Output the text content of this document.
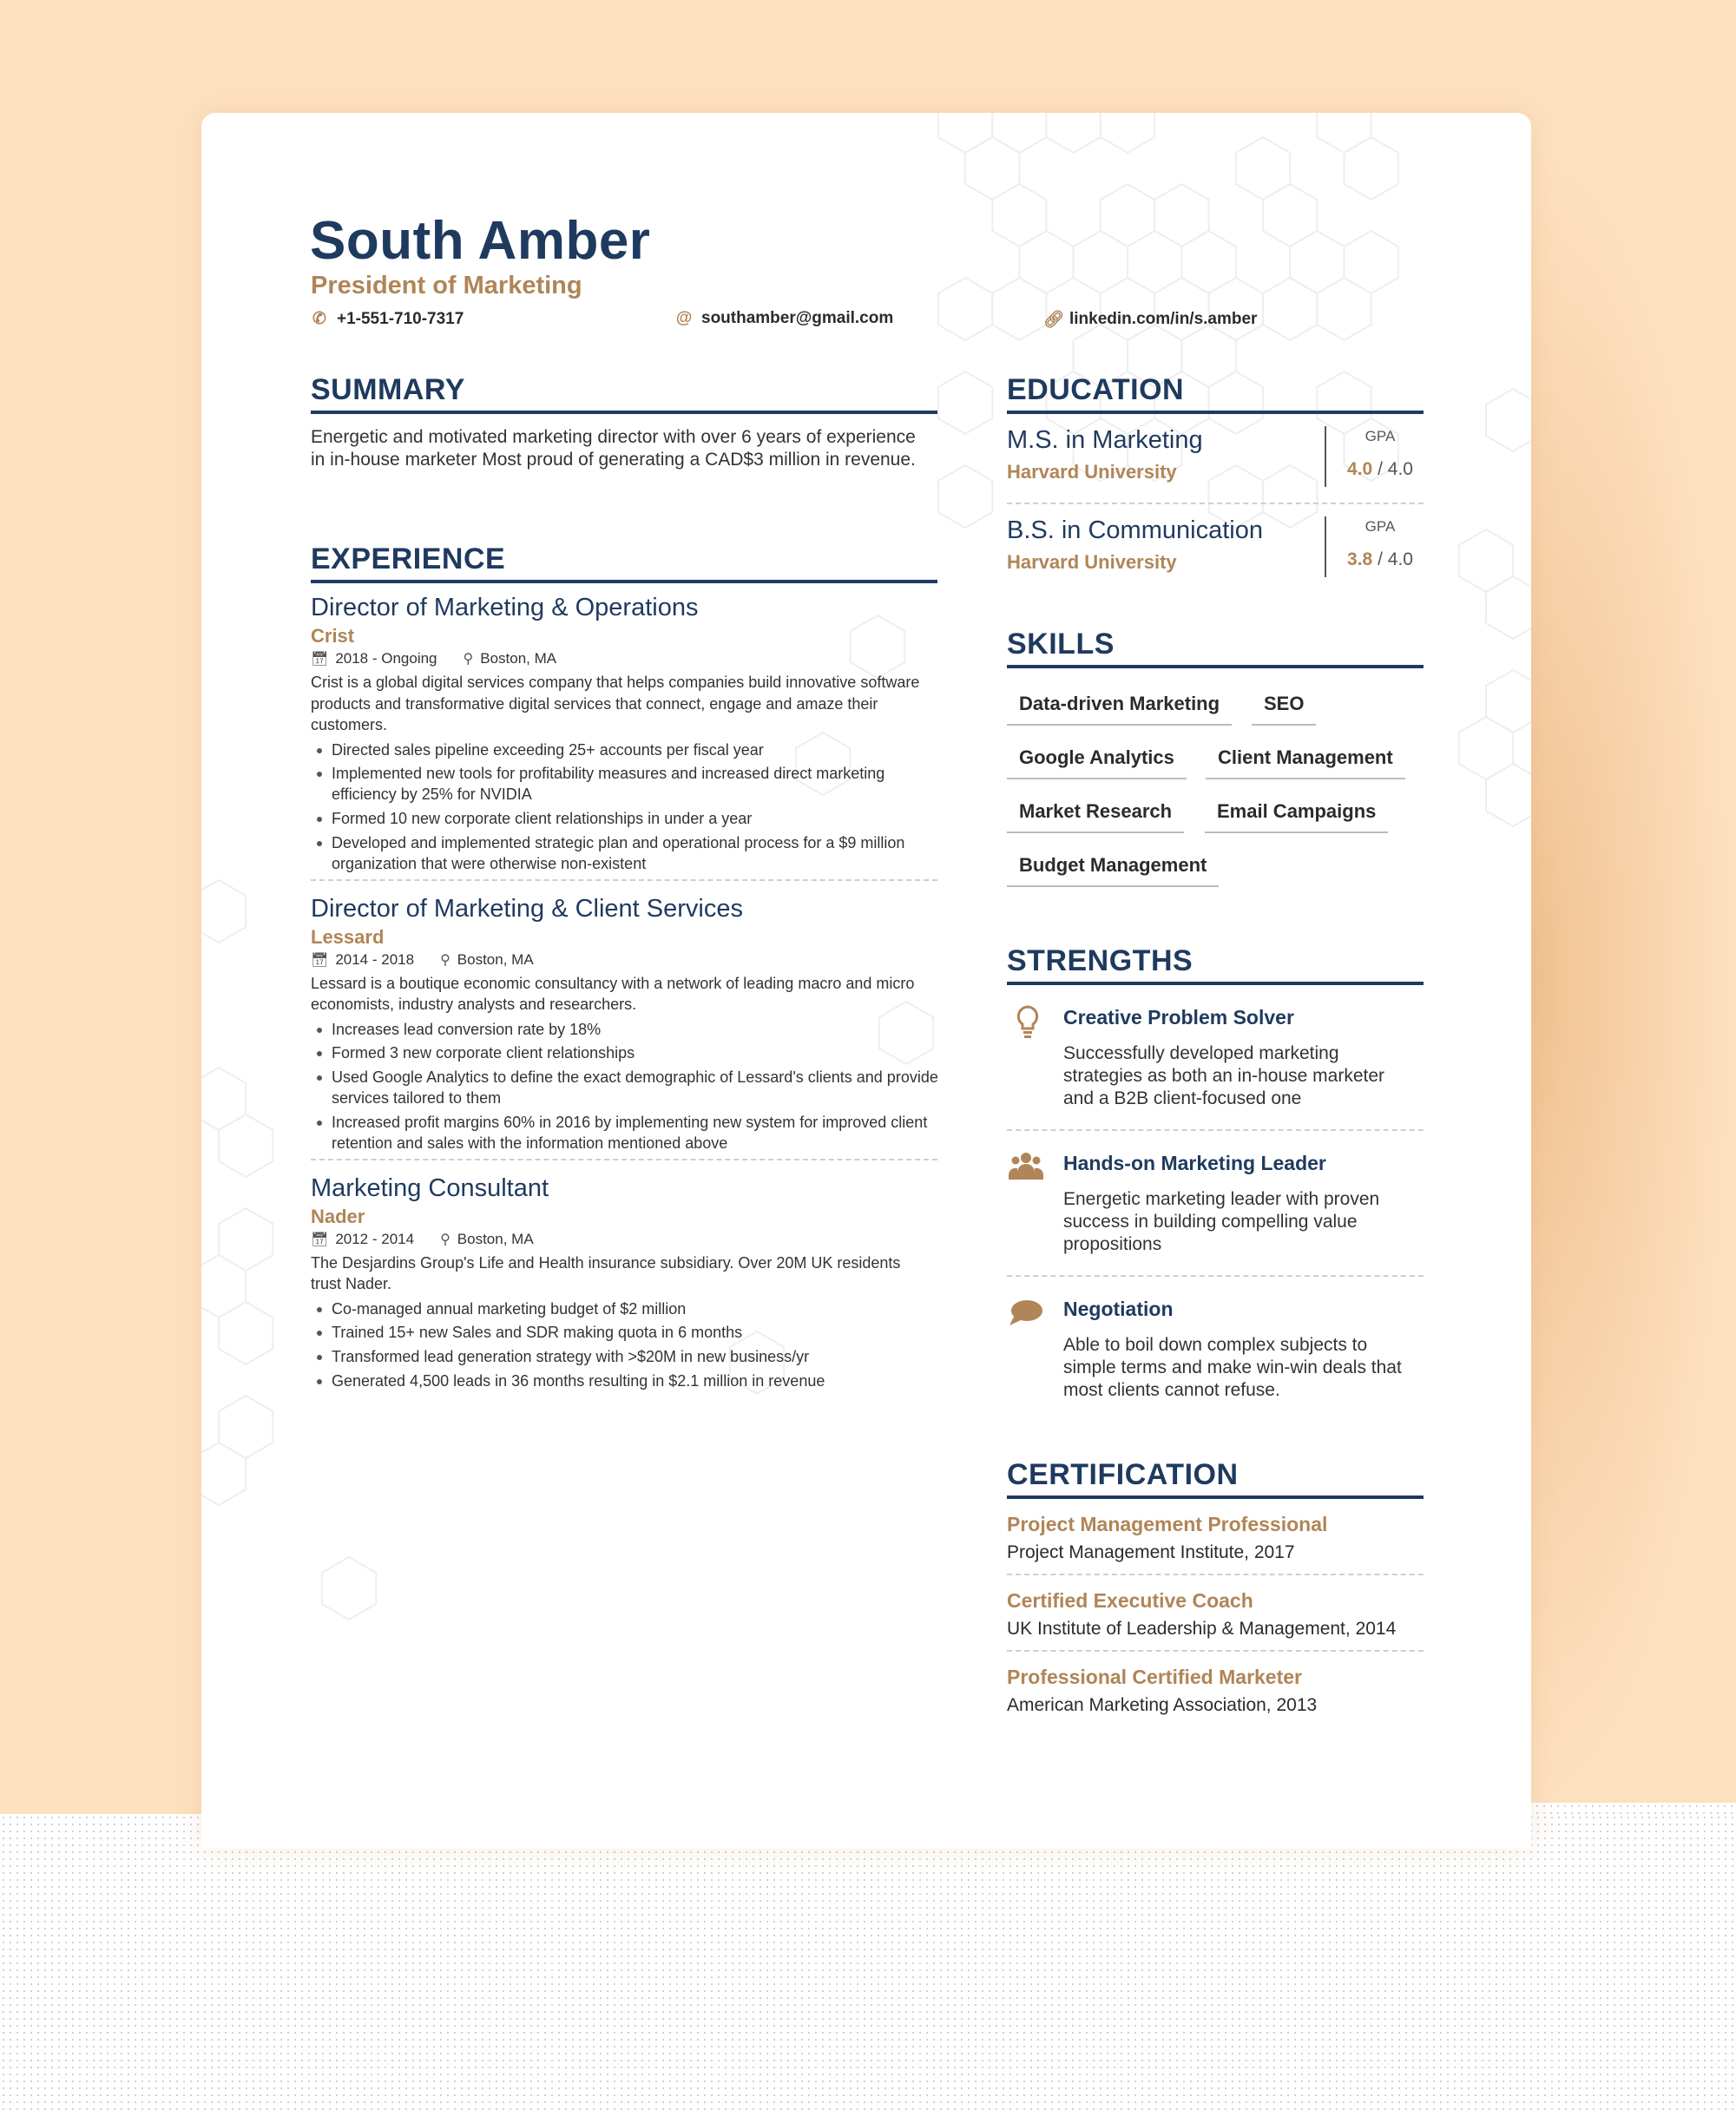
South Amber
President of Marketing
✆ +1-551-710-7317	@ southamber@gmail.com	🔗︎ linkedin.com/in/s.amber
SUMMARY
Energetic and motivated marketing director with over 6 years of experience in in-house marketer Most proud of generating a CAD$3 million in revenue.
EXPERIENCE
Director of Marketing & Operations
Crist
📅︎ 2018 - Ongoing ⚲ Boston, MA
Crist is a global digital services company that helps companies build innovative software products and transformative digital services that connect, engage and amaze their customers.
Directed sales pipeline exceeding 25+ accounts per fiscal year
Implemented new tools for profitability measures and increased direct marketing efficiency by 25% for NVIDIA
Formed 10 new corporate client relationships in under a year
Developed and implemented strategic plan and operational process for a $9 million organization that were otherwise non-existent
Director of Marketing & Client Services
Lessard
📅︎ 2014 - 2018 ⚲ Boston, MA
Lessard is a boutique economic consultancy with a network of leading macro and micro economists, industry analysts and researchers.
Increases lead conversion rate by 18%
Formed 3 new corporate client relationships
Used Google Analytics to define the exact demographic of Lessard's clients and provide services tailored to them
Increased profit margins 60% in 2016 by implementing new system for improved client retention and sales with the information mentioned above
Marketing Consultant
Nader
📅︎ 2012 - 2014 ⚲ Boston, MA
The Desjardins Group's Life and Health insurance subsidiary. Over 20M UK residents trust Nader.
Co-managed annual marketing budget of $2 million
Trained 15+ new Sales and SDR making quota in 6 months
Transformed lead generation strategy with >$20M in new business/yr
Generated 4,500 leads in 36 months resulting in $2.1 million in revenue
EDUCATION
M.S. in Marketing
Harvard University
GPA
4.0 / 4.0
B.S. in Communication
Harvard University
GPA
3.8 / 4.0
SKILLS
Data-driven Marketing	SEO
Google Analytics	Client Management
Market Research	Email Campaigns
Budget Management
STRENGTHS
Creative Problem Solver
Successfully developed marketing strategies as both an in-house marketer and a B2B client-focused one
Hands-on Marketing Leader
Energetic marketing leader with proven success in building compelling value propositions
Negotiation
Able to boil down complex subjects to simple terms and make win-win deals that most clients cannot refuse.
CERTIFICATION
Project Management Professional
Project Management Institute, 2017
Certified Executive Coach
UK Institute of Leadership & Management, 2014
Professional Certified Marketer
American Marketing Association, 2013
